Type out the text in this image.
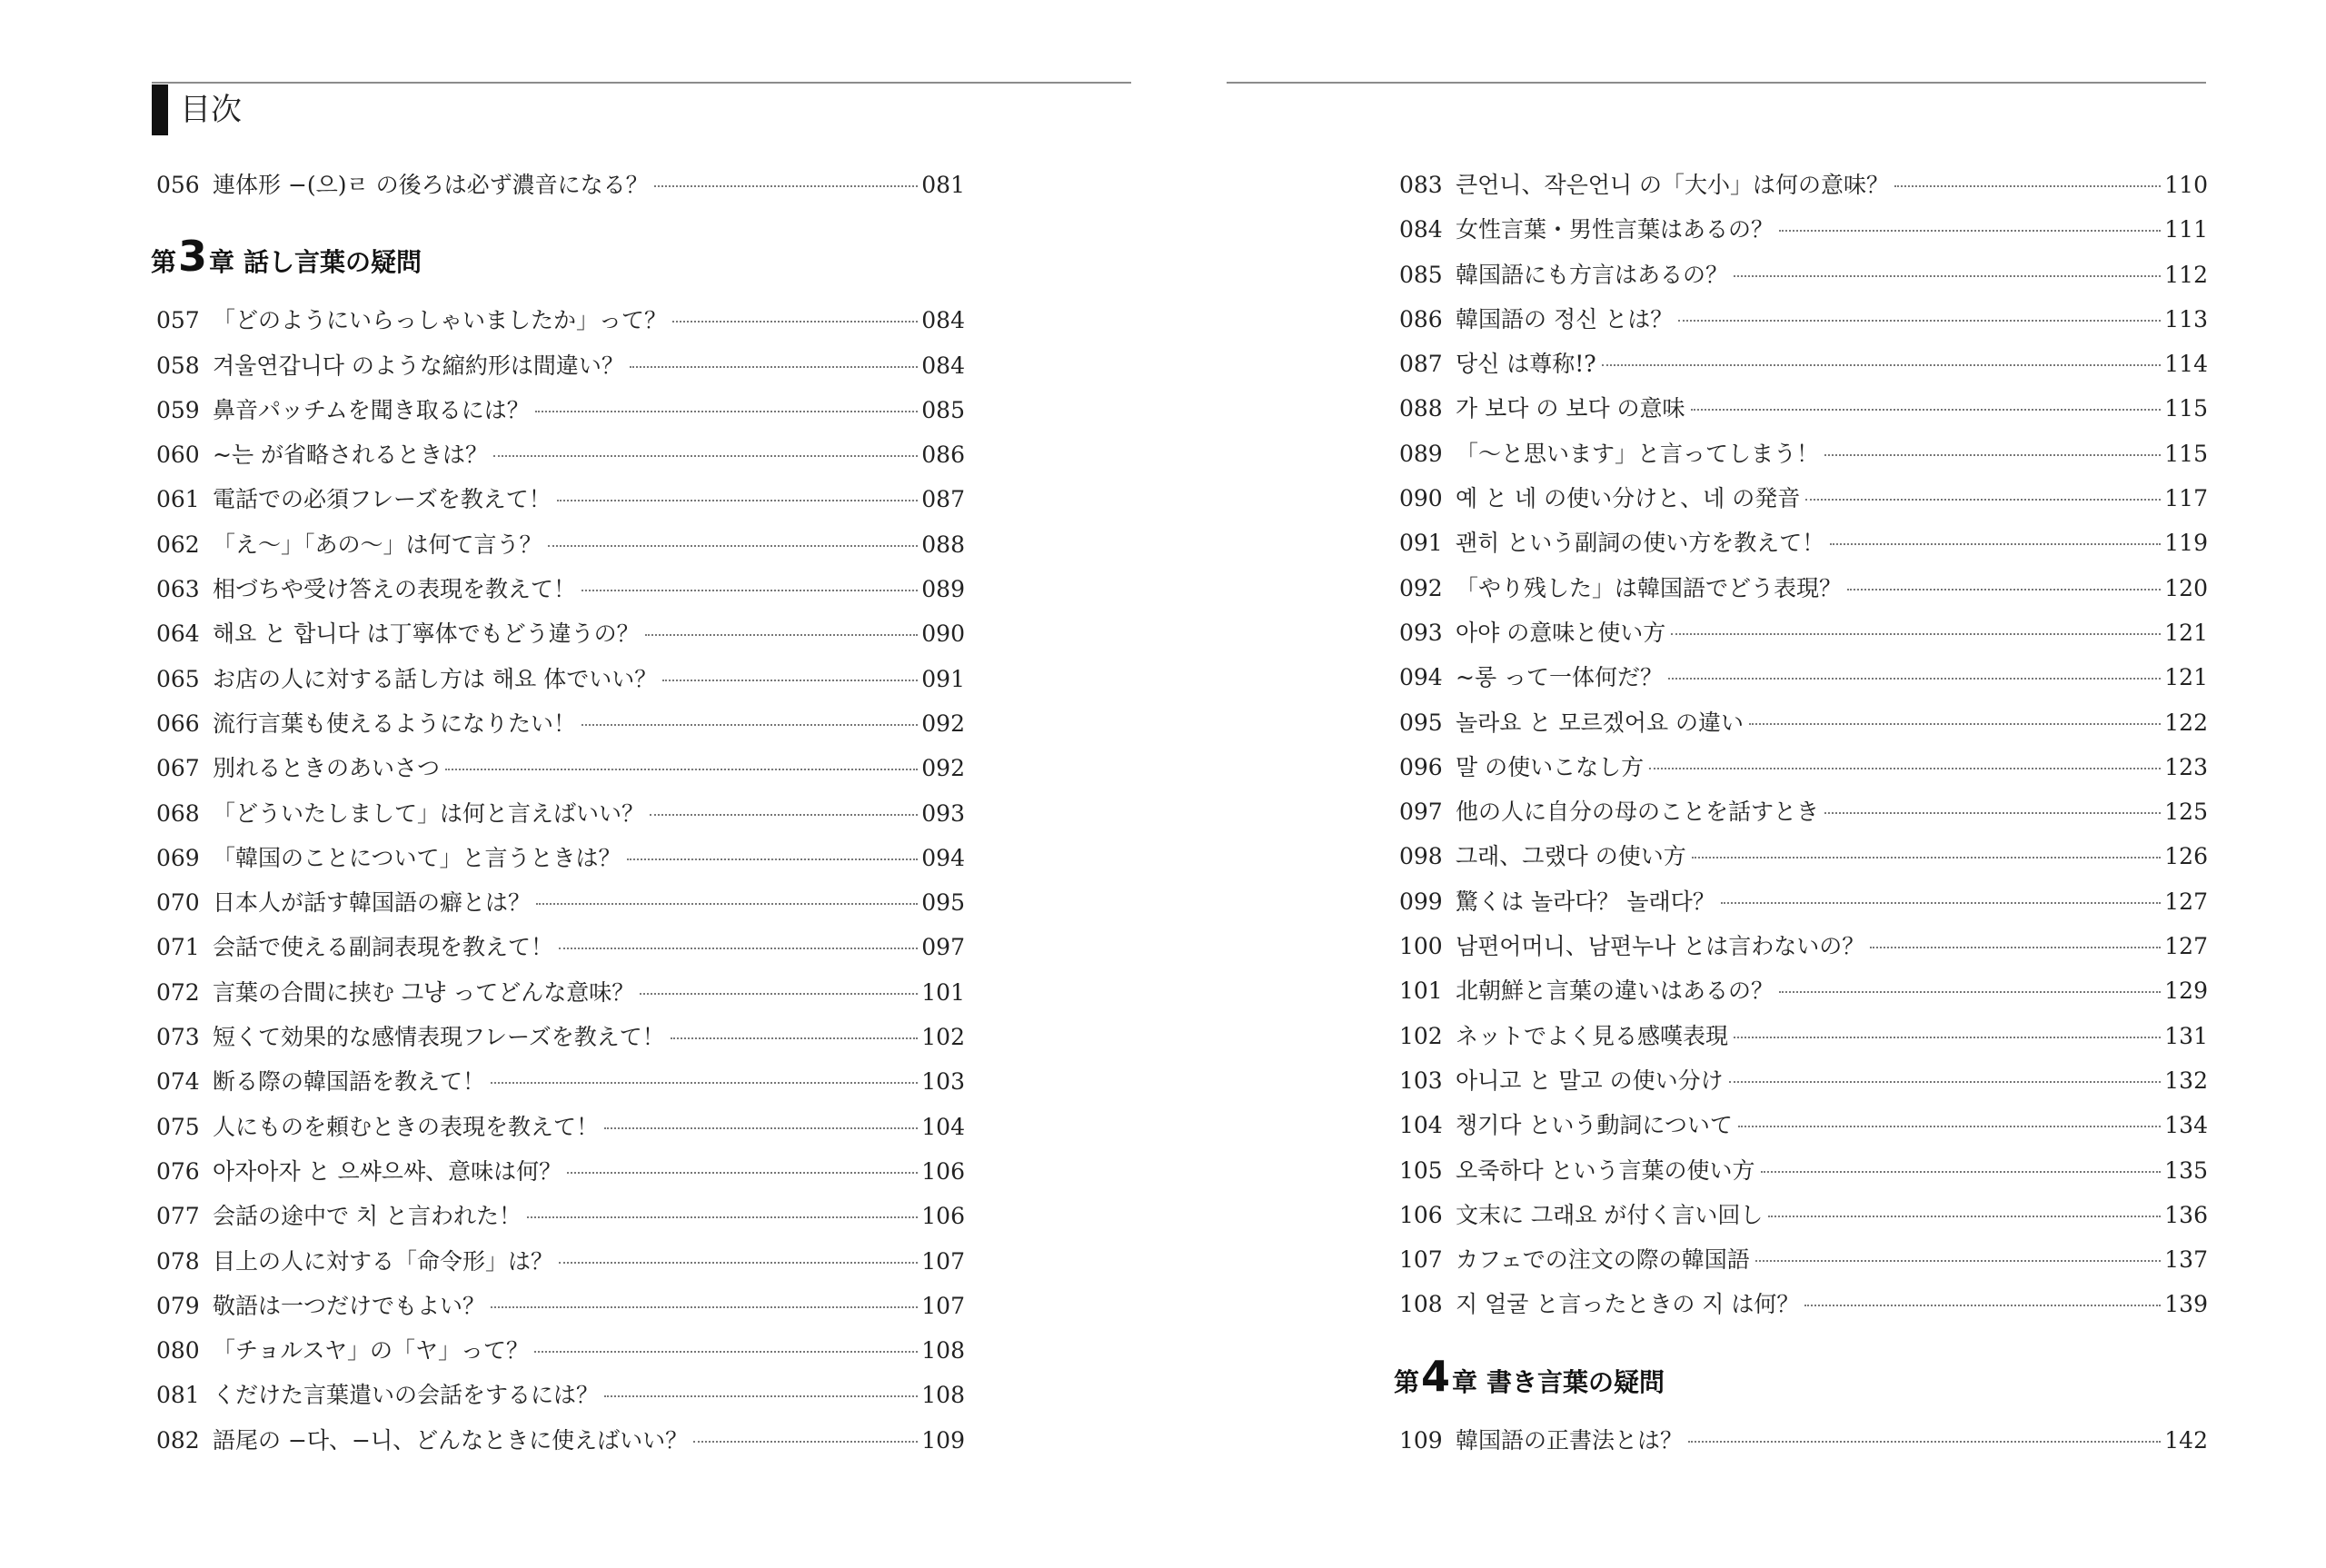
目次
056 連体形 −(으)ㄹ の後ろは必ず濃音になる？	081
第 3 章 話し言葉の疑問
057 「どのようにいらっしゃいましたか」って？	084
058 겨울연갑니다 のような縮約形は間違い？	084
059 鼻音パッチムを聞き取るには？	085
060 ~는 が省略されるときは？	086
061 電話での必須フレーズを教えて！	087
062 「え〜」「あの〜」は何て言う？	088
063 相づちや受け答えの表現を教えて！	089
064 해요 と 합니다 は丁寧体でもどう違うの？	090
065 お店の人に対する話し方は 해요 体でいい？	091
066 流行言葉も使えるようになりたい！	092
067 別れるときのあいさつ	092
068 「どういたしまして」は何と言えばいい？	093
069 「韓国のことについて」と言うときは？	094
070 日本人が話す韓国語の癖とは？	095
071 会話で使える副詞表現を教えて！	097
072 言葉の合間に挟む 그냥 ってどんな意味？	101
073 短くて効果的な感情表現フレーズを教えて！	102
074 断る際の韓国語を教えて！	103
075 人にものを頼むときの表現を教えて！	104
076 아자아자 と 으쌰으쌰、意味は何？	106
077 会話の途中で 치 と言われた！	106
078 目上の人に対する「命令形」は？	107
079 敬語は一つだけでもよい？	107
080 「チョルスヤ」の「ヤ」って？	108
081 くだけた言葉遣いの会話をするには？	108
082 語尾の −다、−니、どんなときに使えばいい？	109
083 큰언니、작은언니 の「大小」は何の意味？	110
084 女性言葉・男性言葉はあるの？	111
085 韓国語にも方言はあるの？	112
086 韓国語の 정신 とは？	113
087 당신 は尊称!?	114
088 가 보다 の 보다 の意味	115
089 「〜と思います」と言ってしまう！	115
090 예 と 네 の使い分けと、네 の発音	117
091 괜히 という副詞の使い方を教えて！	119
092 「やり残した」は韓国語でどう表現？	120
093 아야 の意味と使い方	121
094 ~롱 って一体何だ？	121
095 놀라요 と 모르겠어요 の違い	122
096 말 の使いこなし方	123
097 他の人に自分の母のことを話すとき	125
098 그래、그랬다 の使い方	126
099 驚くは 놀라다？ 놀래다？	127
100 남편어머니、남편누나 とは言わないの？	127
101 北朝鮮と言葉の違いはあるの？	129
102 ネットでよく見る感嘆表現	131
103 아니고 と 말고 の使い分け	132
104 챙기다 という動詞について	134
105 오죽하다 という言葉の使い方	135
106 文末に 그래요 が付く言い回し	136
107 カフェでの注文の際の韓国語	137
108 지 얼굴 と言ったときの 지 は何？	139
第 4 章 書き言葉の疑問
109 韓国語の正書法とは？	142
